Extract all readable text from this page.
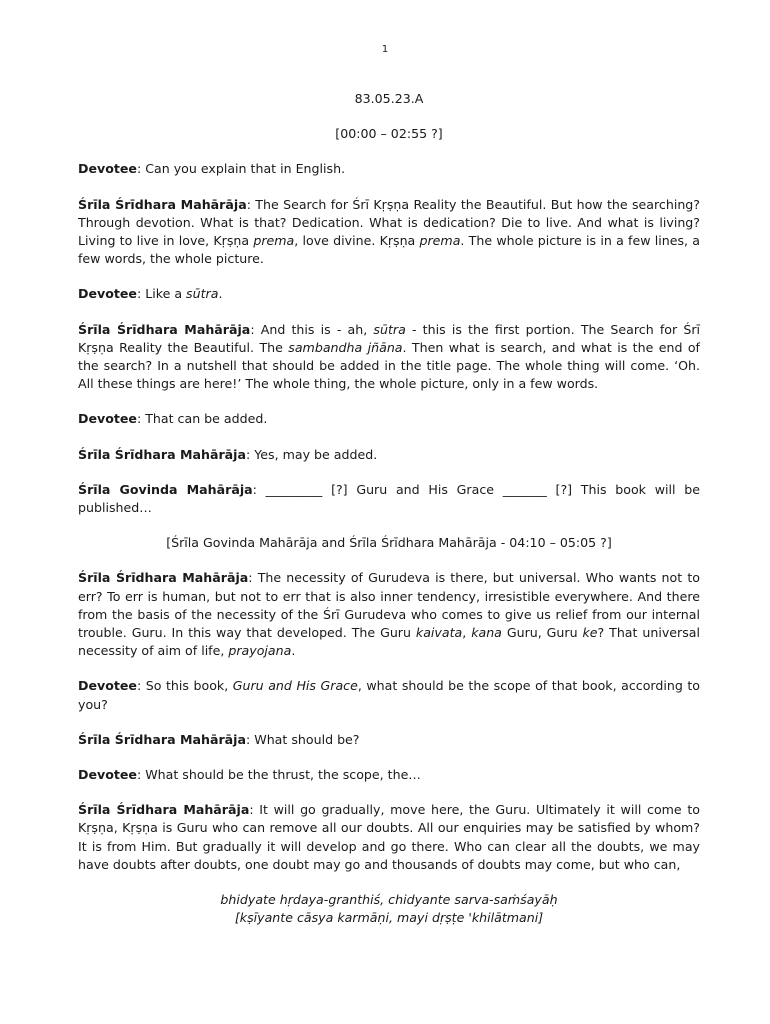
1

83.05.23.A

[00:00 – 02:55 ?]

Devotee: Can you explain that in English.

Śrīla Śrīdhara Mahārāja: The Search for Śrī Kṛṣṇa Reality the Beautiful. But how the searching? Through devotion. What is that? Dedication. What is dedication? Die to live. And what is living? Living to live in love, Kṛṣṇa prema, love divine. Kṛṣṇa prema. The whole picture is in a few lines, a few words, the whole picture.

Devotee: Like a sūtra.

Śrīla Śrīdhara Mahārāja: And this is - ah, sūtra - this is the first portion. The Search for Śrī Kṛṣṇa Reality the Beautiful. The sambandha jñāna. Then what is search, and what is the end of the search? In a nutshell that should be added in the title page. The whole thing will come. ‘Oh. All these things are here!’ The whole thing, the whole picture, only in a few words.

Devotee: That can be added.

Śrīla Śrīdhara Mahārāja: Yes, may be added.

Śrīla Govinda Mahārāja: _________ [?] Guru and His Grace _______ [?] This book will be published…

[Śrīla Govinda Mahārāja and Śrīla Śrīdhara Mahārāja - 04:10 – 05:05 ?]

Śrīla Śrīdhara Mahārāja: The necessity of Gurudeva is there, but universal. Who wants not to err? To err is human, but not to err that is also inner tendency, irresistible everywhere. And there from the basis of the necessity of the Śrī Gurudeva who comes to give us relief from our internal trouble. Guru. In this way that developed. The Guru kaivata, kana Guru, Guru ke? That universal necessity of aim of life, prayojana.

Devotee: So this book, Guru and His Grace, what should be the scope of that book, according to you?

Śrīla Śrīdhara Mahārāja: What should be?

Devotee: What should be the thrust, the scope, the…

Śrīla Śrīdhara Mahārāja: It will go gradually, move here, the Guru. Ultimately it will come to Kṛṣṇa, Kṛṣṇa is Guru who can remove all our doubts. All our enquiries may be satisfied by whom? It is from Him. But gradually it will develop and go there. Who can clear all the doubts, we may have doubts after doubts, one doubt may go and thousands of doubts may come, but who can,

bhidyate hṛdaya-granthiś, chidyante sarva-saṁśayāḥ
[kṣīyante cāsya karmāṇi, mayi dṛṣṭe 'khilātmani]
